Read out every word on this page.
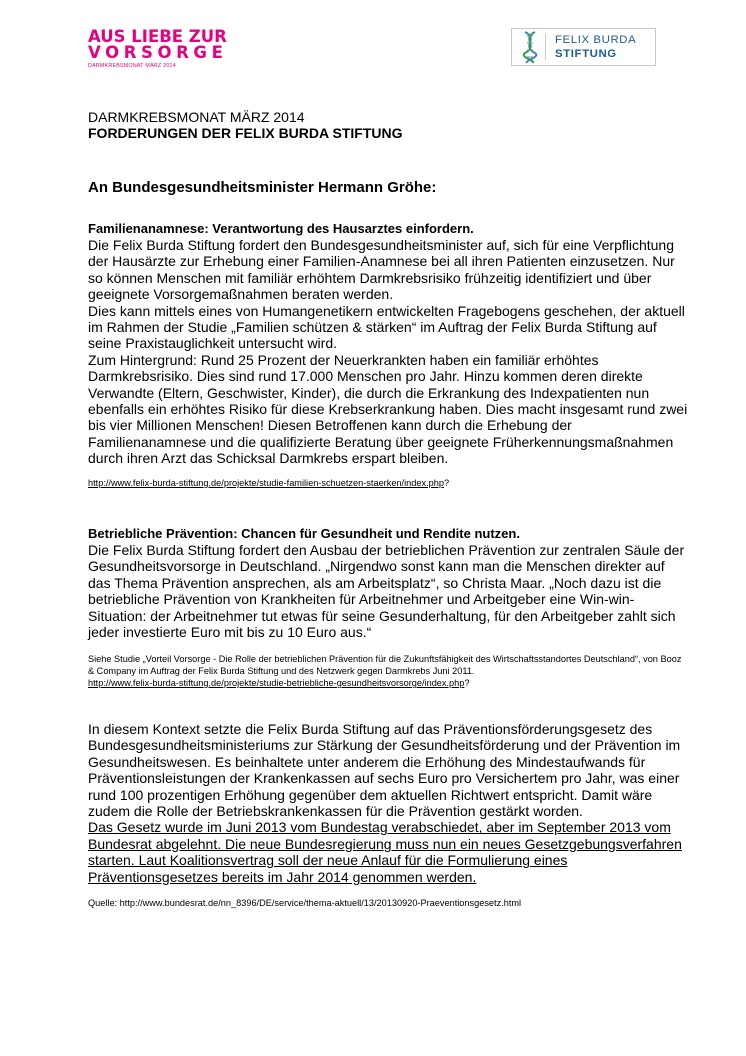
AUS LIEBE ZUR
VORSORGE
DARMKREBSMONAT MÄRZ 2014
FELIX BURDA
STIFTUNG
DARMKREBSMONAT MÄRZ 2014
FORDERUNGEN DER FELIX BURDA STIFTUNG
An Bundesgesundheitsminister Hermann Gröhe:

Familienanamnese: Verantwortung des Hausarztes einfordern.

Die Felix Burda Stiftung fordert den Bundesgesundheitsminister auf, sich für eine Verpflichtung der Hausärzte zur Erhebung einer Familien-Anamnese bei all ihren Patienten einzusetzen. Nur so können Menschen mit familiär erhöhtem Darmkrebsrisiko frühzeitig identifiziert und über geeignete Vorsorgemaßnahmen beraten werden.

Dies kann mittels eines von Humangenetikern entwickelten Fragebogens geschehen, der aktuell im Rahmen der Studie „Familien schützen & stärken“ im Auftrag der Felix Burda Stiftung auf seine Praxistauglichkeit untersucht wird.

Zum Hintergrund: Rund 25 Prozent der Neuerkrankten haben ein familiär erhöhtes Darmkrebsrisiko. Dies sind rund 17.000 Menschen pro Jahr. Hinzu kommen deren direkte Verwandte (Eltern, Geschwister, Kinder), die durch die Erkrankung des Indexpatienten nun ebenfalls ein erhöhtes Risiko für diese Krebserkrankung haben. Dies macht insgesamt rund zwei bis vier Millionen Menschen! Diesen Betroffenen kann durch die Erhebung der Familienanamnese und die qualifizierte Beratung über geeignete Früherkennungsmaßnahmen durch ihren Arzt das Schicksal Darmkrebs erspart bleiben.

http://www.felix-burda-stiftung.de/projekte/studie-familien-schuetzen-staerken/index.php?

Betriebliche Prävention: Chancen für Gesundheit und Rendite nutzen.

Die Felix Burda Stiftung fordert den Ausbau der betrieblichen Prävention zur zentralen Säule der Gesundheitsvorsorge in Deutschland. „Nirgendwo sonst kann man die Menschen direkter auf das Thema Prävention ansprechen, als am Arbeitsplatz“, so Christa Maar. „Noch dazu ist die betriebliche Prävention von Krankheiten für Arbeitnehmer und Arbeitgeber eine Win-win-Situation: der Arbeitnehmer tut etwas für seine Gesunderhaltung, für den Arbeitgeber zahlt sich jeder investierte Euro mit bis zu 10 Euro aus.“

Siehe Studie „Vorteil Vorsorge - Die Rolle der betrieblichen Prävention für die Zukunftsfähigkeit des Wirtschaftsstandortes Deutschland“, von Booz & Company im Auftrag der Felix Burda Stiftung und des Netzwerk gegen Darmkrebs Juni 2011.

http://www.felix-burda-stiftung.de/projekte/studie-betriebliche-gesundheitsvorsorge/index.php?

In diesem Kontext setzte die Felix Burda Stiftung auf das Präventionsförderungsgesetz des Bundesgesundheitsministeriums zur Stärkung der Gesundheitsförderung und der Prävention im Gesundheitswesen. Es beinhaltete unter anderem die Erhöhung des Mindestaufwands für Präventionsleistungen der Krankenkassen auf sechs Euro pro Versichertem pro Jahr, was einer rund 100 prozentigen Erhöhung gegenüber dem aktuellen Richtwert entspricht. Damit wäre zudem die Rolle der Betriebskrankenkassen für die Prävention gestärkt worden.

Das Gesetz wurde im Juni 2013 vom Bundestag verabschiedet, aber im September 2013 vom Bundesrat abgelehnt. Die neue Bundesregierung muss nun ein neues Gesetzgebungsverfahren starten. Laut Koalitionsvertrag soll der neue Anlauf für die Formulierung eines Präventionsgesetzes bereits im Jahr 2014 genommen werden.

Quelle: http://www.bundesrat.de/nn_8396/DE/service/thema-aktuell/13/20130920-Praeventionsgesetz.html
